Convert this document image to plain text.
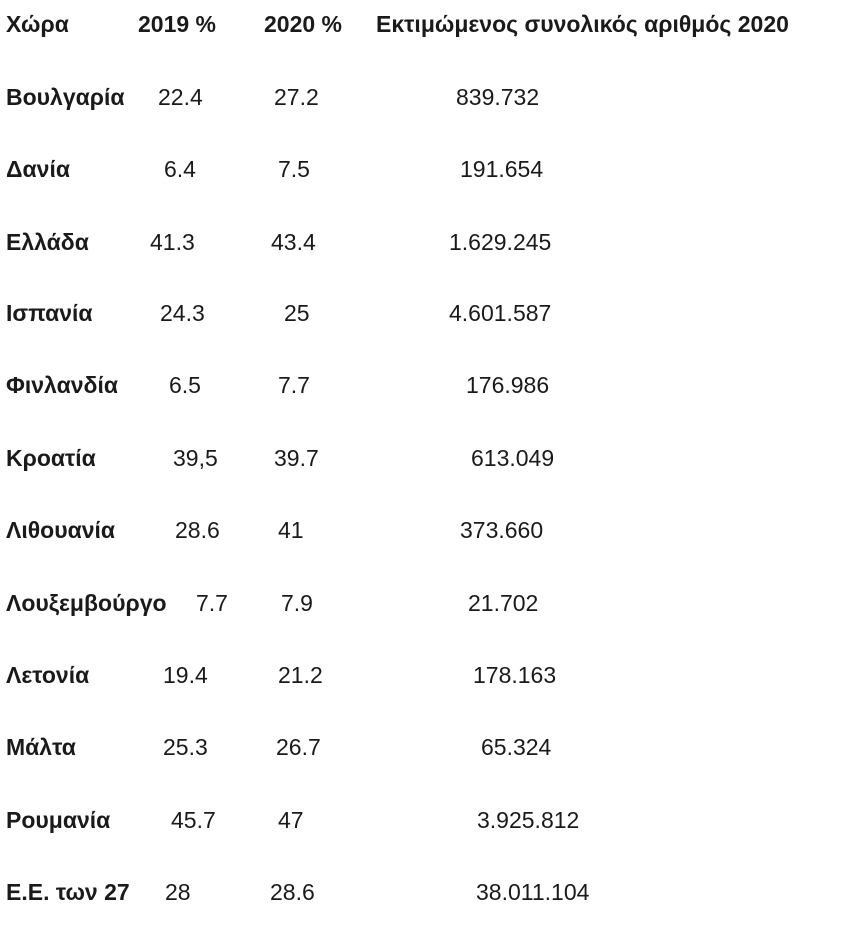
Χώρα	2019 % 2020 % Εκτιμώμενος συνολικός αριθμός 2020
Βουλγαρία 22.4	27.2	839.732
Δανία	6.4	7.5	191.654
Ελλάδα	41.3	43.4	1.629.245
Ισπανία	24.3	25	4.601.587
Φινλανδία 6.5	7.7	176.986
Κροατία	39,5 39.7	613.049
Λιθουανία	28.6	41	373.660
Λουξεμβούργο 7.7 7.9	21.702
Λετονία	19.4	21.2	178.163
Μάλτα	25.3	26.7	65.324
Ρουμανία	45.7	47	3.925.812
Ε.Ε. των 27 28	28.6	38.011.104
